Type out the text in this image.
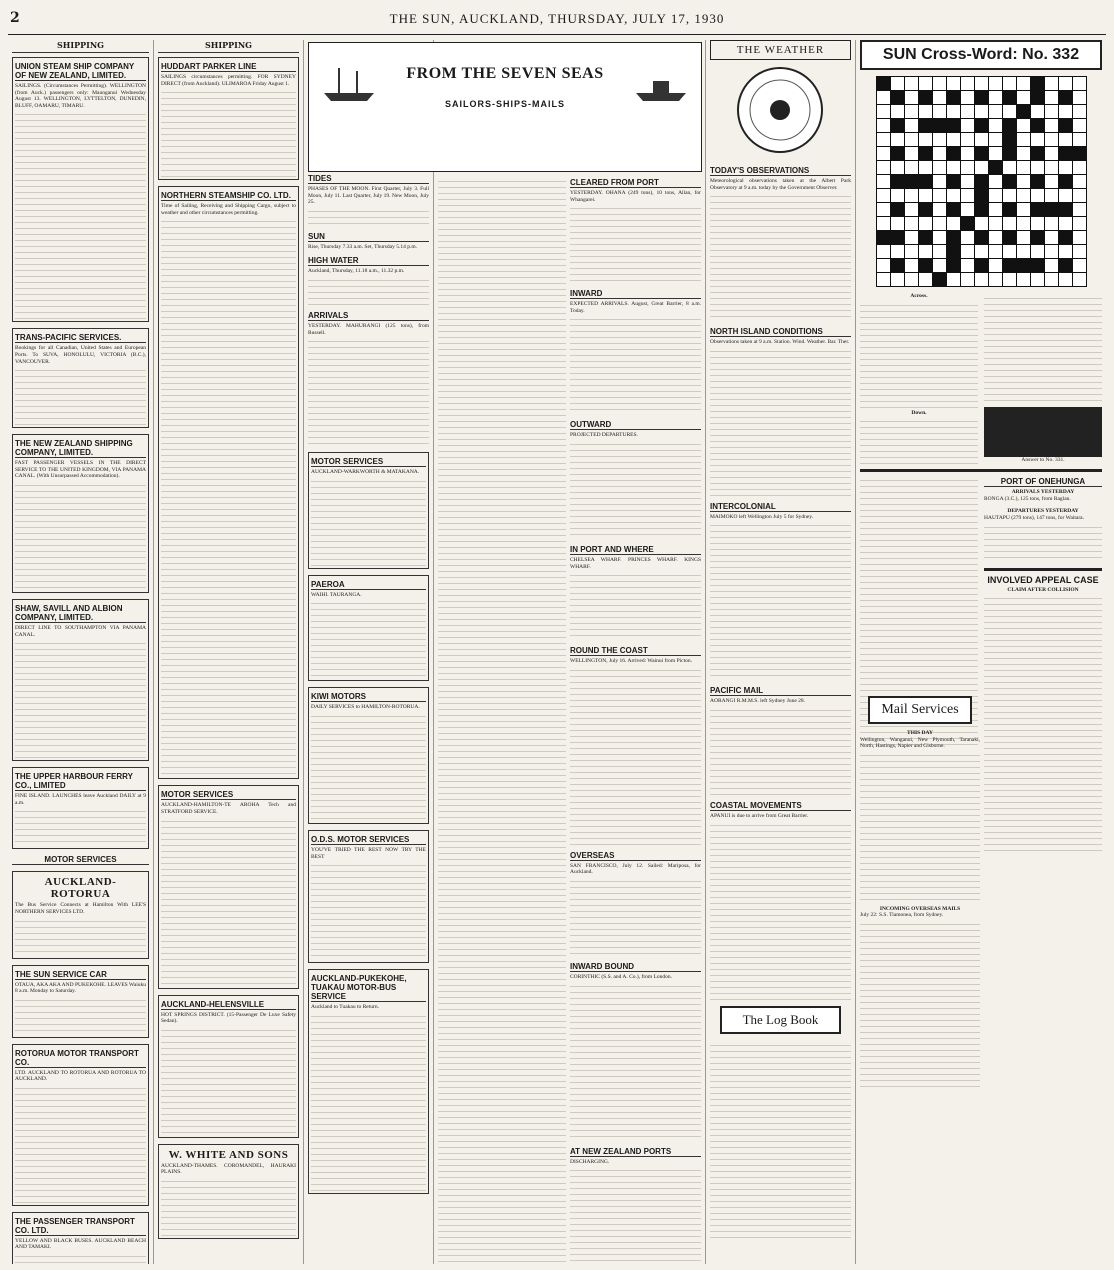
2	THE SUN, AUCKLAND, THURSDAY, JULY 17, 1930
SHIPPING
UNION STEAM SHIP COMPANY OF NEW ZEALAND, LIMITED.
SAILINGS. (Circumstances Permitting). WELLINGTON (from Auck.) passengers only: Maunganui Wednesday August 13. WELLINGTON, LYTTELTON, DUNEDIN, BLUFF, OAMARU, TIMARU.
TRANS-PACIFIC SERVICES.
Bookings for all Canadian, United States and European Ports. To SUVA, HONOLULU, VICTORIA (B.C.), VANCOUVER.
THE NEW ZEALAND SHIPPING COMPANY, LIMITED.
FAST PASSENGER VESSELS IN THE DIRECT SERVICE TO THE UNITED KINGDOM, VIA PANAMA CANAL. (With Unsurpassed Accommodation).
SHAW, SAVILL AND ALBION COMPANY, LIMITED.
DIRECT LINE TO SOUTHAMPTON VIA PANAMA CANAL.
THE UPPER HARBOUR FERRY CO., LIMITED
FINE ISLAND. LAUNCHES leave Auckland DAILY at 9 a.m.
MOTOR SERVICES
AUCKLAND-ROTORUA
The Bus Service Connects at Hamilton With LEE'S NORTHERN SERVICES LTD.
THE SUN SERVICE CAR
OTAUA, AKA AKA AND PUKEKOHE. LEAVES Waiuku 8 a.m. Monday to Saturday.
ROTORUA MOTOR TRANSPORT CO.
LTD. AUCKLAND TO ROTORUA AND ROTORUA TO AUCKLAND.
THE PASSENGER TRANSPORT CO. LTD.
YELLOW AND BLACK BUSES. AUCKLAND BEACH AND TAMAKI.
SHIPPING
HUDDART PARKER LINE
SAILINGS circumstances permitting. FOR SYDNEY DIRECT (from Auckland). ULIMAROA Friday August 1.
NORTHERN STEAMSHIP CO. LTD.
Time of Sailing, Receiving and Shipping Cargo, subject to weather and other circumstances permitting.
MOTOR SERVICES
AUCKLAND-HAMILTON-TE AROHA Tech and STRATFORD SERVICE.
AUCKLAND-HELENSVILLE
HOT SPRINGS DISTRICT. (15-Passenger De Luxe Safety Sedan).
W. WHITE AND SONS
AUCKLAND-THAMES. COROMANDEL, HAURAKI PLAINS.
TIDES
PHASES OF THE MOON. First Quarter, July 3. Full Moon, July 11. Last Quarter, July 19. New Moon, July 25.
SUN
Rise, Thursday 7.33 a.m. Set, Thursday 5.14 p.m.
HIGH WATER
Auckland, Thursday, 11.18 a.m., 11.32 p.m.
ARRIVALS
YESTERDAY. MAHURANGI (125 tons), from Russell.
MOTOR SERVICES
AUCKLAND-WARKWORTH & MATAKANA.
PAEROA
WAIHI. TAURANGA.
KIWI MOTORS
DAILY SERVICES to HAMILTON-ROTORUA.
O.D.S. MOTOR SERVICES
YOU'VE TRIED THE REST NOW TRY THE BEST
AUCKLAND-PUKEKOHE, TUAKAU MOTOR-BUS SERVICE
Auckland to Tuakau to Return.
CLEARED FROM PORT
YESTERDAY. OHANA (249 tons), 10 tons, Allan, for Whangarei.
INWARD
EXPECTED ARRIVALS. August, Great Barrier, 8 a.m. Today.
OUTWARD
PROJECTED DEPARTURES.
IN PORT AND WHERE
CHELSEA WHARF. PRINCES WHARF. KINGS WHARF.
ROUND THE COAST
WELLINGTON, July 16. Arrived: Wainui from Picton.
OVERSEAS
SAN FRANCISCO, July 12. Sailed: Mariposa, for Auckland.
INWARD BOUND
CORINTHIC (S.S. and A. Co.), from London.
AT NEW ZEALAND PORTS
DISCHARGING.
FROM THE SEVEN SEAS
SAILORS-SHIPS-MAILS
THE WEATHER
TODAY'S OBSERVATIONS
Meteorological observations taken at the Albert Park Observatory at 9 a.m. today by the Government Observer.
NORTH ISLAND CONDITIONS
Observations taken at 9 a.m. Station. Wind. Weather. Bar. Ther.
INTERCOLONIAL
MAIMOKO left Wellington July 5 for Sydney.
PACIFIC MAIL
AORANGI R.M.M.S. left Sydney June 28.
COASTAL MOVEMENTS
APANUI is due to arrive from Great Barrier.
The Log Book
SUN Cross-Word: No. 332
Across.
Down.
Answer to No. 331.
PORT OF ONEHUNGA
ARRIVALS YESTERDAY
RONGA (3.C.), 125 tons, from Raglan.
DEPARTURES YESTERDAY
HAUTAPU (279 tons), 147 tons, for Waitara.
INVOLVED APPEAL CASE
CLAIM AFTER COLLISION
Mail Services
THIS DAY
Wellington, Wanganui, New Plymouth, Taranaki, North, Hastings, Napier and Gisborne.
INCOMING OVERSEAS MAILS
July 22: S.S. Tiamonea, from Sydney.
